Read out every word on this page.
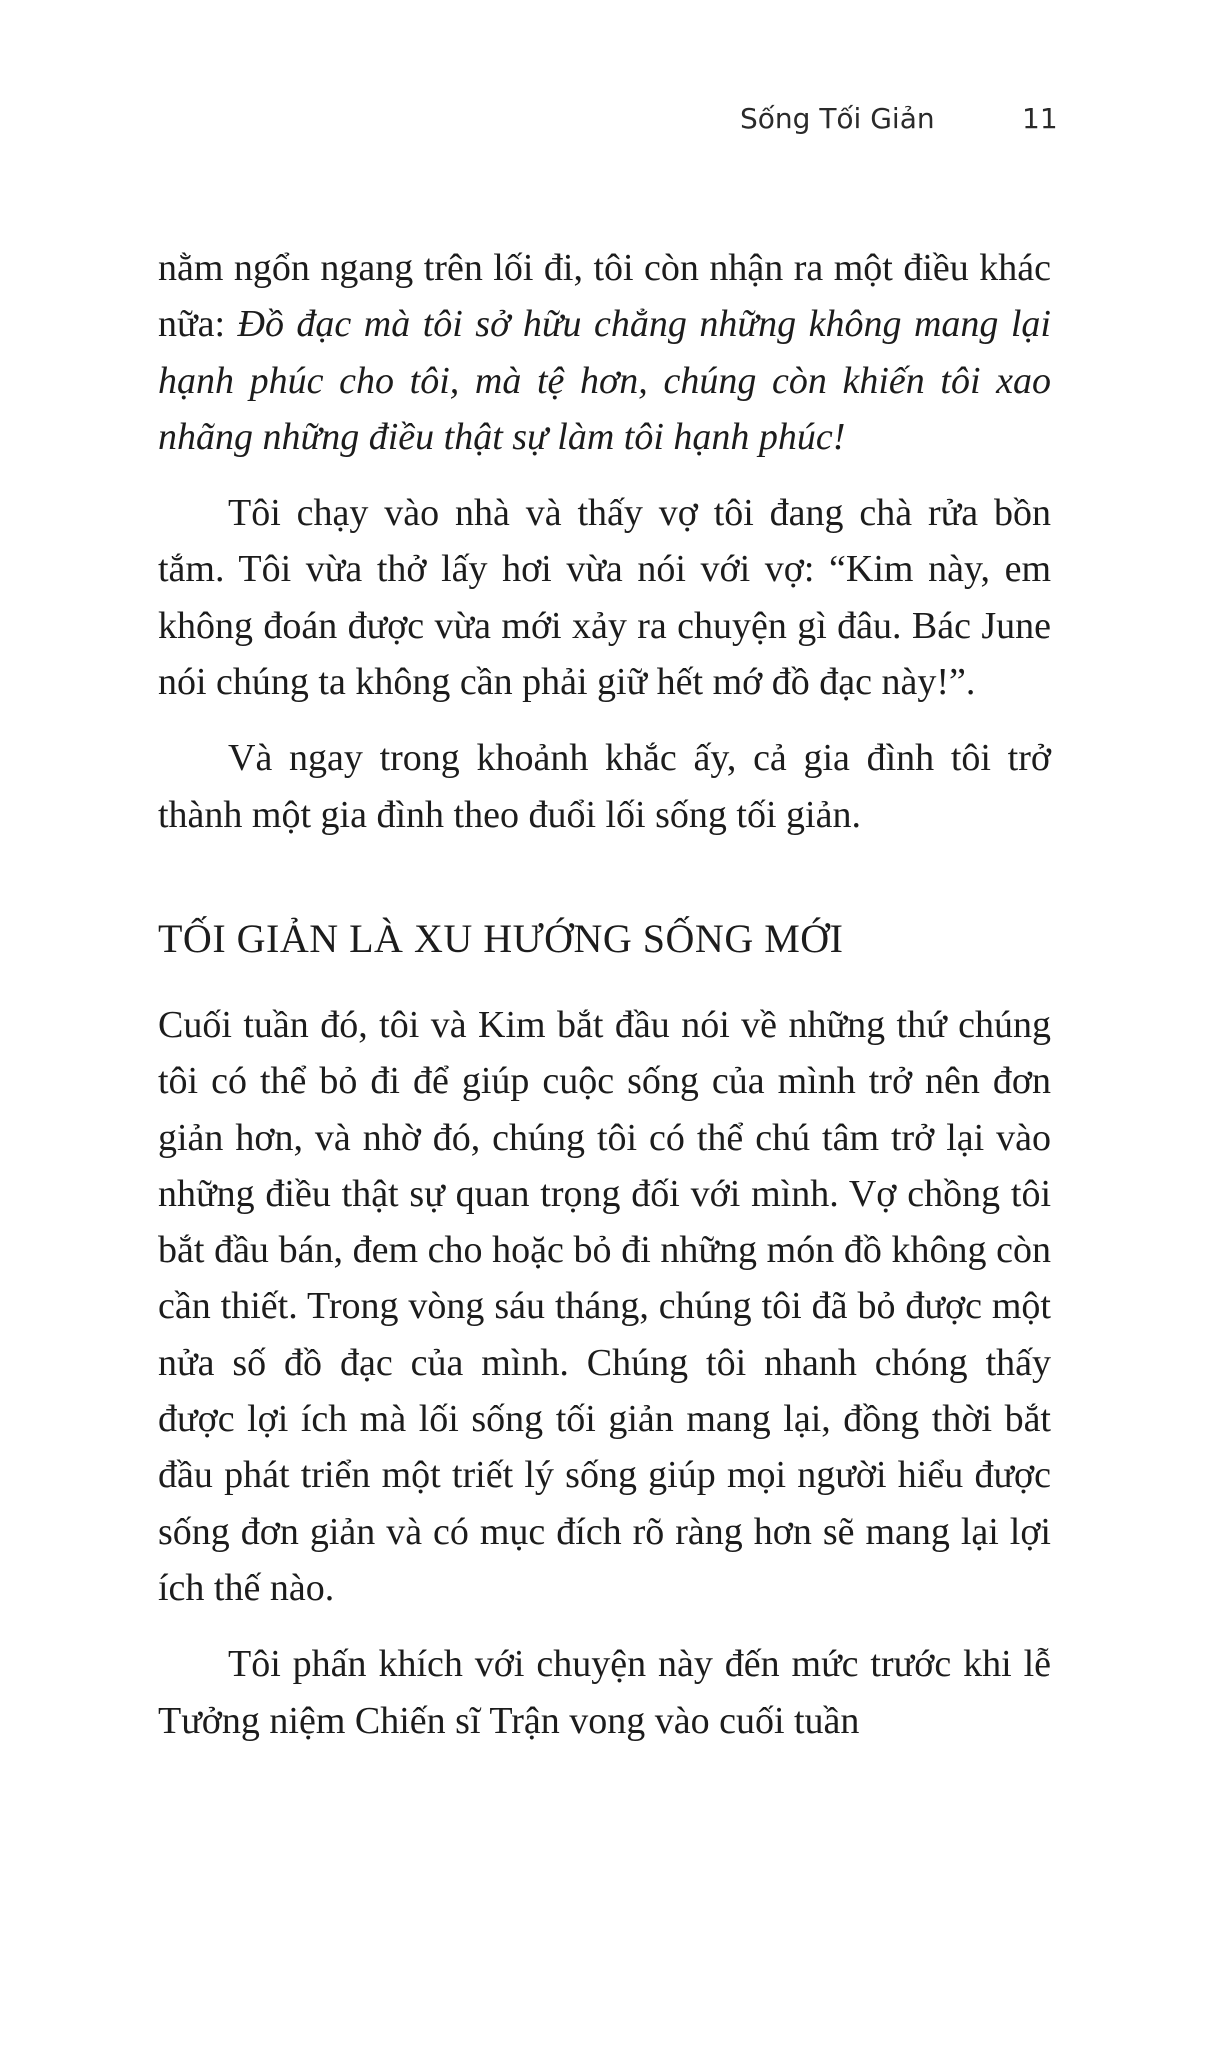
Sống Tối Giản	11

nằm ngổn ngang trên lối đi, tôi còn nhận ra một điều khác nữa: Đồ đạc mà tôi sở hữu chẳng những không mang lại hạnh phúc cho tôi, mà tệ hơn, chúng còn khiến tôi xao nhãng những điều thật sự làm tôi hạnh phúc!

Tôi chạy vào nhà và thấy vợ tôi đang chà rửa bồn tắm. Tôi vừa thở lấy hơi vừa nói với vợ: “Kim này, em không đoán được vừa mới xảy ra chuyện gì đâu. Bác June nói chúng ta không cần phải giữ hết mớ đồ đạc này!”.

Và ngay trong khoảnh khắc ấy, cả gia đình tôi trở thành một gia đình theo đuổi lối sống tối giản.

TỐI GIẢN LÀ XU HƯỚNG SỐNG MỚI

Cuối tuần đó, tôi và Kim bắt đầu nói về những thứ chúng tôi có thể bỏ đi để giúp cuộc sống của mình trở nên đơn giản hơn, và nhờ đó, chúng tôi có thể chú tâm trở lại vào những điều thật sự quan trọng đối với mình. Vợ chồng tôi bắt đầu bán, đem cho hoặc bỏ đi những món đồ không còn cần thiết. Trong vòng sáu tháng, chúng tôi đã bỏ được một nửa số đồ đạc của mình. Chúng tôi nhanh chóng thấy được lợi ích mà lối sống tối giản mang lại, đồng thời bắt đầu phát triển một triết lý sống giúp mọi người hiểu được sống đơn giản và có mục đích rõ ràng hơn sẽ mang lại lợi ích thế nào.

Tôi phấn khích với chuyện này đến mức trước khi lễ Tưởng niệm Chiến sĩ Trận vong vào cuối tuần
